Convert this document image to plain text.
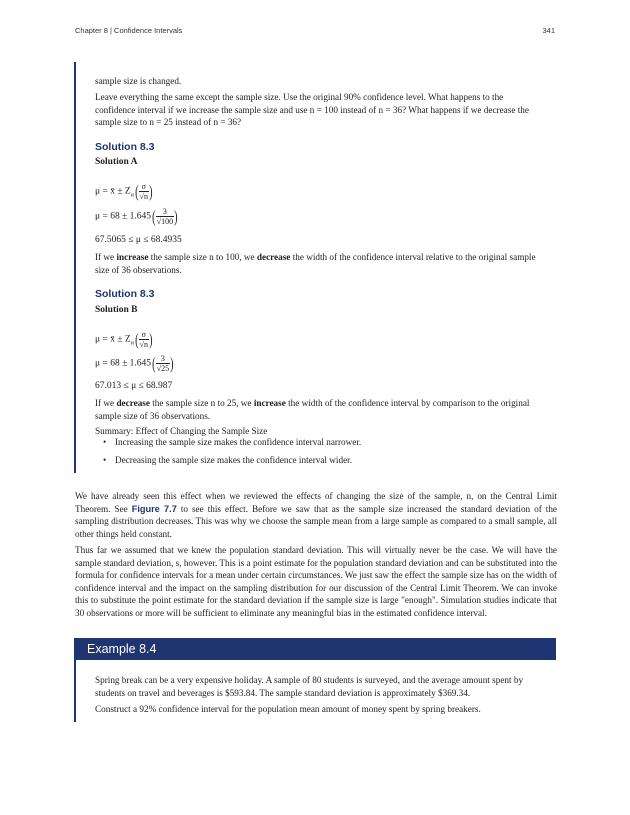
Chapter 8 | Confidence Intervals	341

sample size is changed.

Leave everything the same except the sample size. Use the original 90% confidence level. What happens to the confidence interval if we increase the sample size and use n = 100 instead of n = 36? What happens if we decrease the sample size to n = 25 instead of n = 36?

Solution 8.3
Solution A
μ = x̄ ± $Z_\alpha( \frac{\sigma}{√n}$ )
$\mu = 68 \pm 1.645( \frac{3}{√100}$ )
67.5065 ≤ μ ≤ 68.4935

If we increase the sample size n to 100, we decrease the width of the confidence interval relative to the original sample size of 36 observations.

Solution 8.3
Solution B
μ = x̄ ± $Z_\alpha( \frac{\sigma}{√n}$ )
$\mu = 68 \pm 1.645( \frac{3}{√25}$ )
67.013 ≤ μ ≤ 68.987

If we decrease the sample size n to 25, we increase the width of the confidence interval by comparison to the original sample size of 36 observations.

Summary: Effect of Changing the Sample Size

• Increasing the sample size makes the confidence interval narrower.
• Decreasing the sample size makes the confidence interval wider.

We have already seen this effect when we reviewed the effects of changing the size of the sample, n, on the Central Limit Theorem. See Figure 7.7 to see this effect. Before we saw that as the sample size increased the standard deviation of the sampling distribution decreases. This was why we choose the sample mean from a large sample as compared to a small sample, all other things held constant.

Thus far we assumed that we knew the population standard deviation. This will virtually never be the case. We will have the sample standard deviation, s, however. This is a point estimate for the population standard deviation and can be substituted into the formula for confidence intervals for a mean under certain circumstances. We just saw the effect the sample size has on the width of confidence interval and the impact on the sampling distribution for our discussion of the Central Limit Theorem. We can invoke this to substitute the point estimate for the standard deviation if the sample size is large "enough". Simulation studies indicate that 30 observations or more will be sufficient to eliminate any meaningful bias in the estimated confidence interval.

Example 8.4

Spring break can be a very expensive holiday. A sample of 80 students is surveyed, and the average amount spent by students on travel and beverages is $593.84. The sample standard deviation is approximately $369.34.

Construct a 92% confidence interval for the population mean amount of money spent by spring breakers.
